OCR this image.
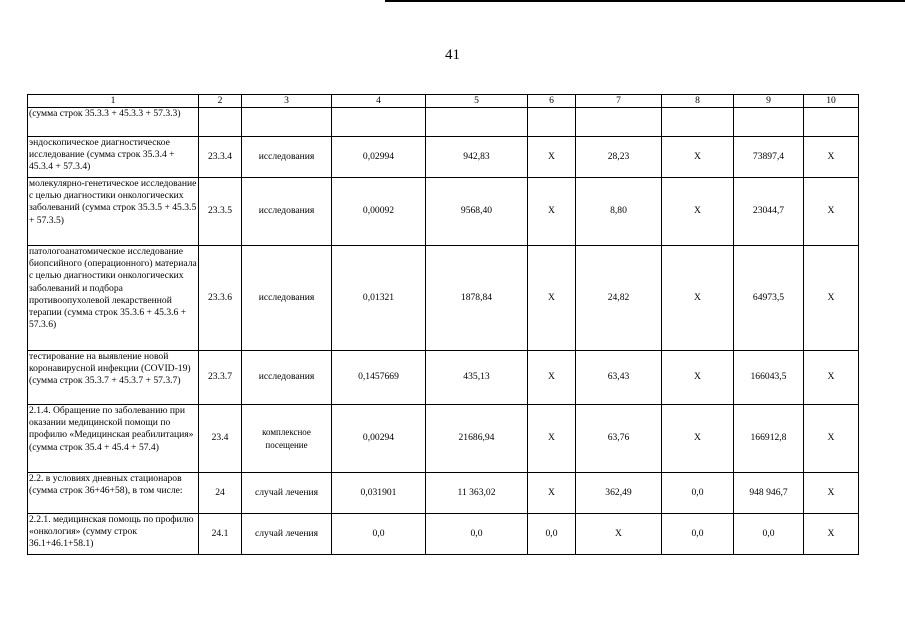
41
1	2	3	4	5	6	7	8	9	10
(сумма строк 35.3.3 + 45.3.3 + 57.3.3)									
эндоскопическое диагностическое исследование (сумма строк 35.3.4 + 45.3.4 + 57.3.4)	23.3.4	исследования	0,02994	942,83	X	28,23	X	73897,4	X
молекулярно-генетическое исследование с целью диагностики онкологических заболеваний (сумма строк 35.3.5 + 45.3.5 + 57.3.5)	23.3.5	исследования	0,00092	9568,40	X	8,80	X	23044,7	X
патологоанатомическое исследование биопсийного (операционного) материала с целью диагностики онкологических заболеваний и подбора противоопухолевой лекарственной терапии (сумма строк 35.3.6 + 45.3.6 + 57.3.6)	23.3.6	исследования	0,01321	1878,84	X	24,82	X	64973,5	X
тестирование на выявление новой коронавирусной инфекции (COVID-19) (сумма строк 35.3.7 + 45.3.7 + 57.3.7)	23.3.7	исследования	0,1457669	435,13	X	63,43	X	166043,5	X
2.1.4. Обращение по заболеванию при оказании медицинской помощи по профилю «Медицинская реабилитация» (сумма строк 35.4 + 45.4 + 57.4)	23.4	комплексное посещение	0,00294	21686,94	X	63,76	X	166912,8	X
2.2. в условиях дневных стационаров (сумма строк 36+46+58), в том числе:	24	случай лечения	0,031901	11 363,02	X	362,49	0,0	948 946,7	X
2.2.1. медицинская помощь по профилю «онкология» (сумму строк 36.1+46.1+58.1)	24.1	случай лечения	0,0	0,0	0,0	X	0,0	0,0	X
